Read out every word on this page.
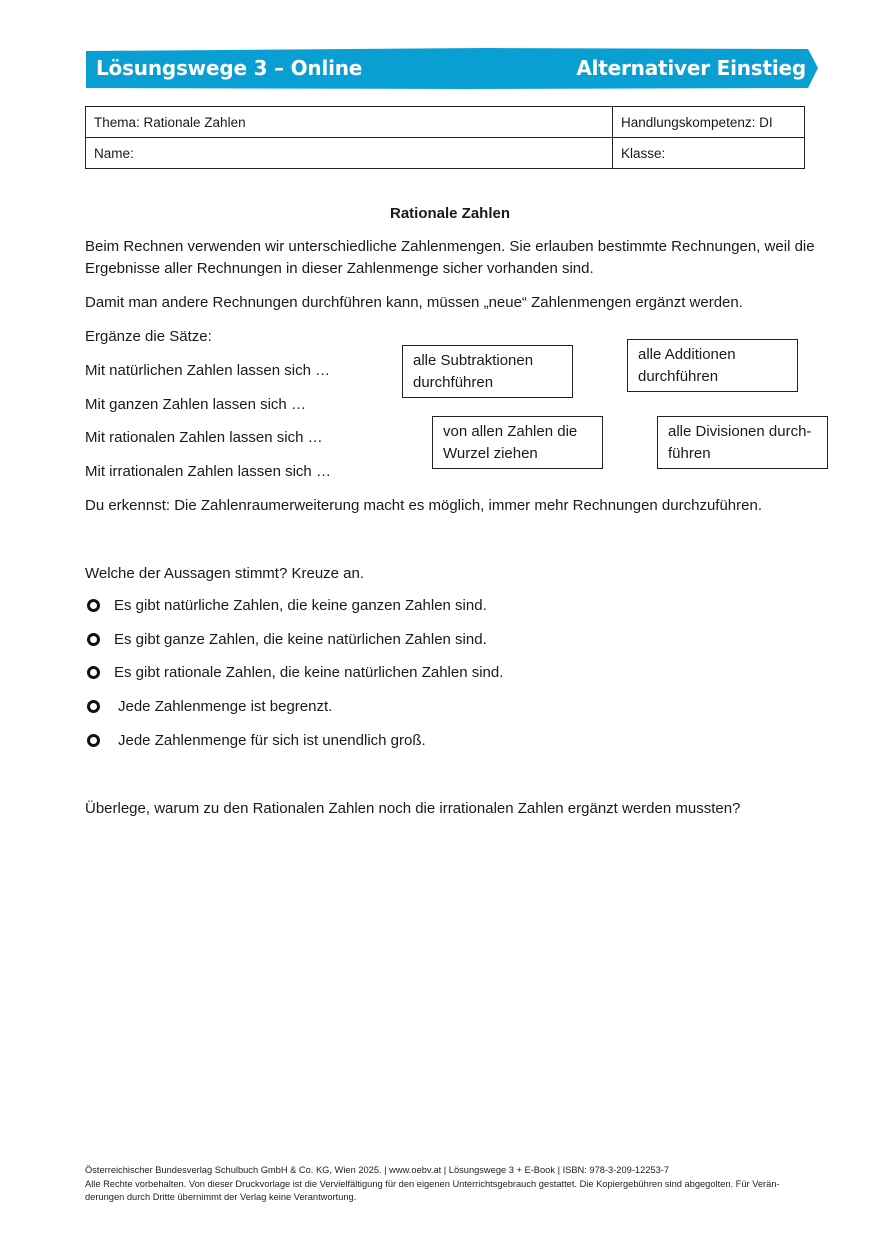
Lösungswege 3 – Online	Alternativer Einstieg
Thema: Rationale Zahlen	Handlungskompetenz: DI
Name:	Klasse:
Rationale Zahlen
Beim Rechnen verwenden wir unterschiedliche Zahlenmengen. Sie erlauben bestimmte Rechnungen, weil die Ergebnisse aller Rechnungen in dieser Zahlenmenge sicher vorhanden sind.
Damit man andere Rechnungen durchführen kann, müssen „neue“ Zahlenmengen ergänzt werden.
Ergänze die Sätze:
Mit natürlichen Zahlen lassen sich …
Mit ganzen Zahlen lassen sich …
Mit rationalen Zahlen lassen sich …
Mit irrationalen Zahlen lassen sich …
alle Subtraktionen
durchführen
alle Additionen
durchführen
von allen Zahlen die
Wurzel ziehen
alle Divisionen durch-
führen
Du erkennst: Die Zahlenraumerweiterung macht es möglich, immer mehr Rechnungen durchzuführen.
Welche der Aussagen stimmt? Kreuze an.
Es gibt natürliche Zahlen, die keine ganzen Zahlen sind.
Es gibt ganze Zahlen, die keine natürlichen Zahlen sind.
Es gibt rationale Zahlen, die keine natürlichen Zahlen sind.
Jede Zahlenmenge ist begrenzt.
Jede Zahlenmenge für sich ist unendlich groß.
Überlege, warum zu den Rationalen Zahlen noch die irrationalen Zahlen ergänzt werden mussten?
Österreichischer Bundesverlag Schulbuch GmbH & Co. KG, Wien 2025. | www.oebv.at | Lösungswege 3 + E-Book | ISBN: 978-3-209-12253-7
Alle Rechte vorbehalten. Von dieser Druckvorlage ist die Vervielfältigung für den eigenen Unterrichtsgebrauch gestattet. Die Kopiergebühren sind abgegolten. Für Verän-
derungen durch Dritte übernimmt der Verlag keine Verantwortung.
